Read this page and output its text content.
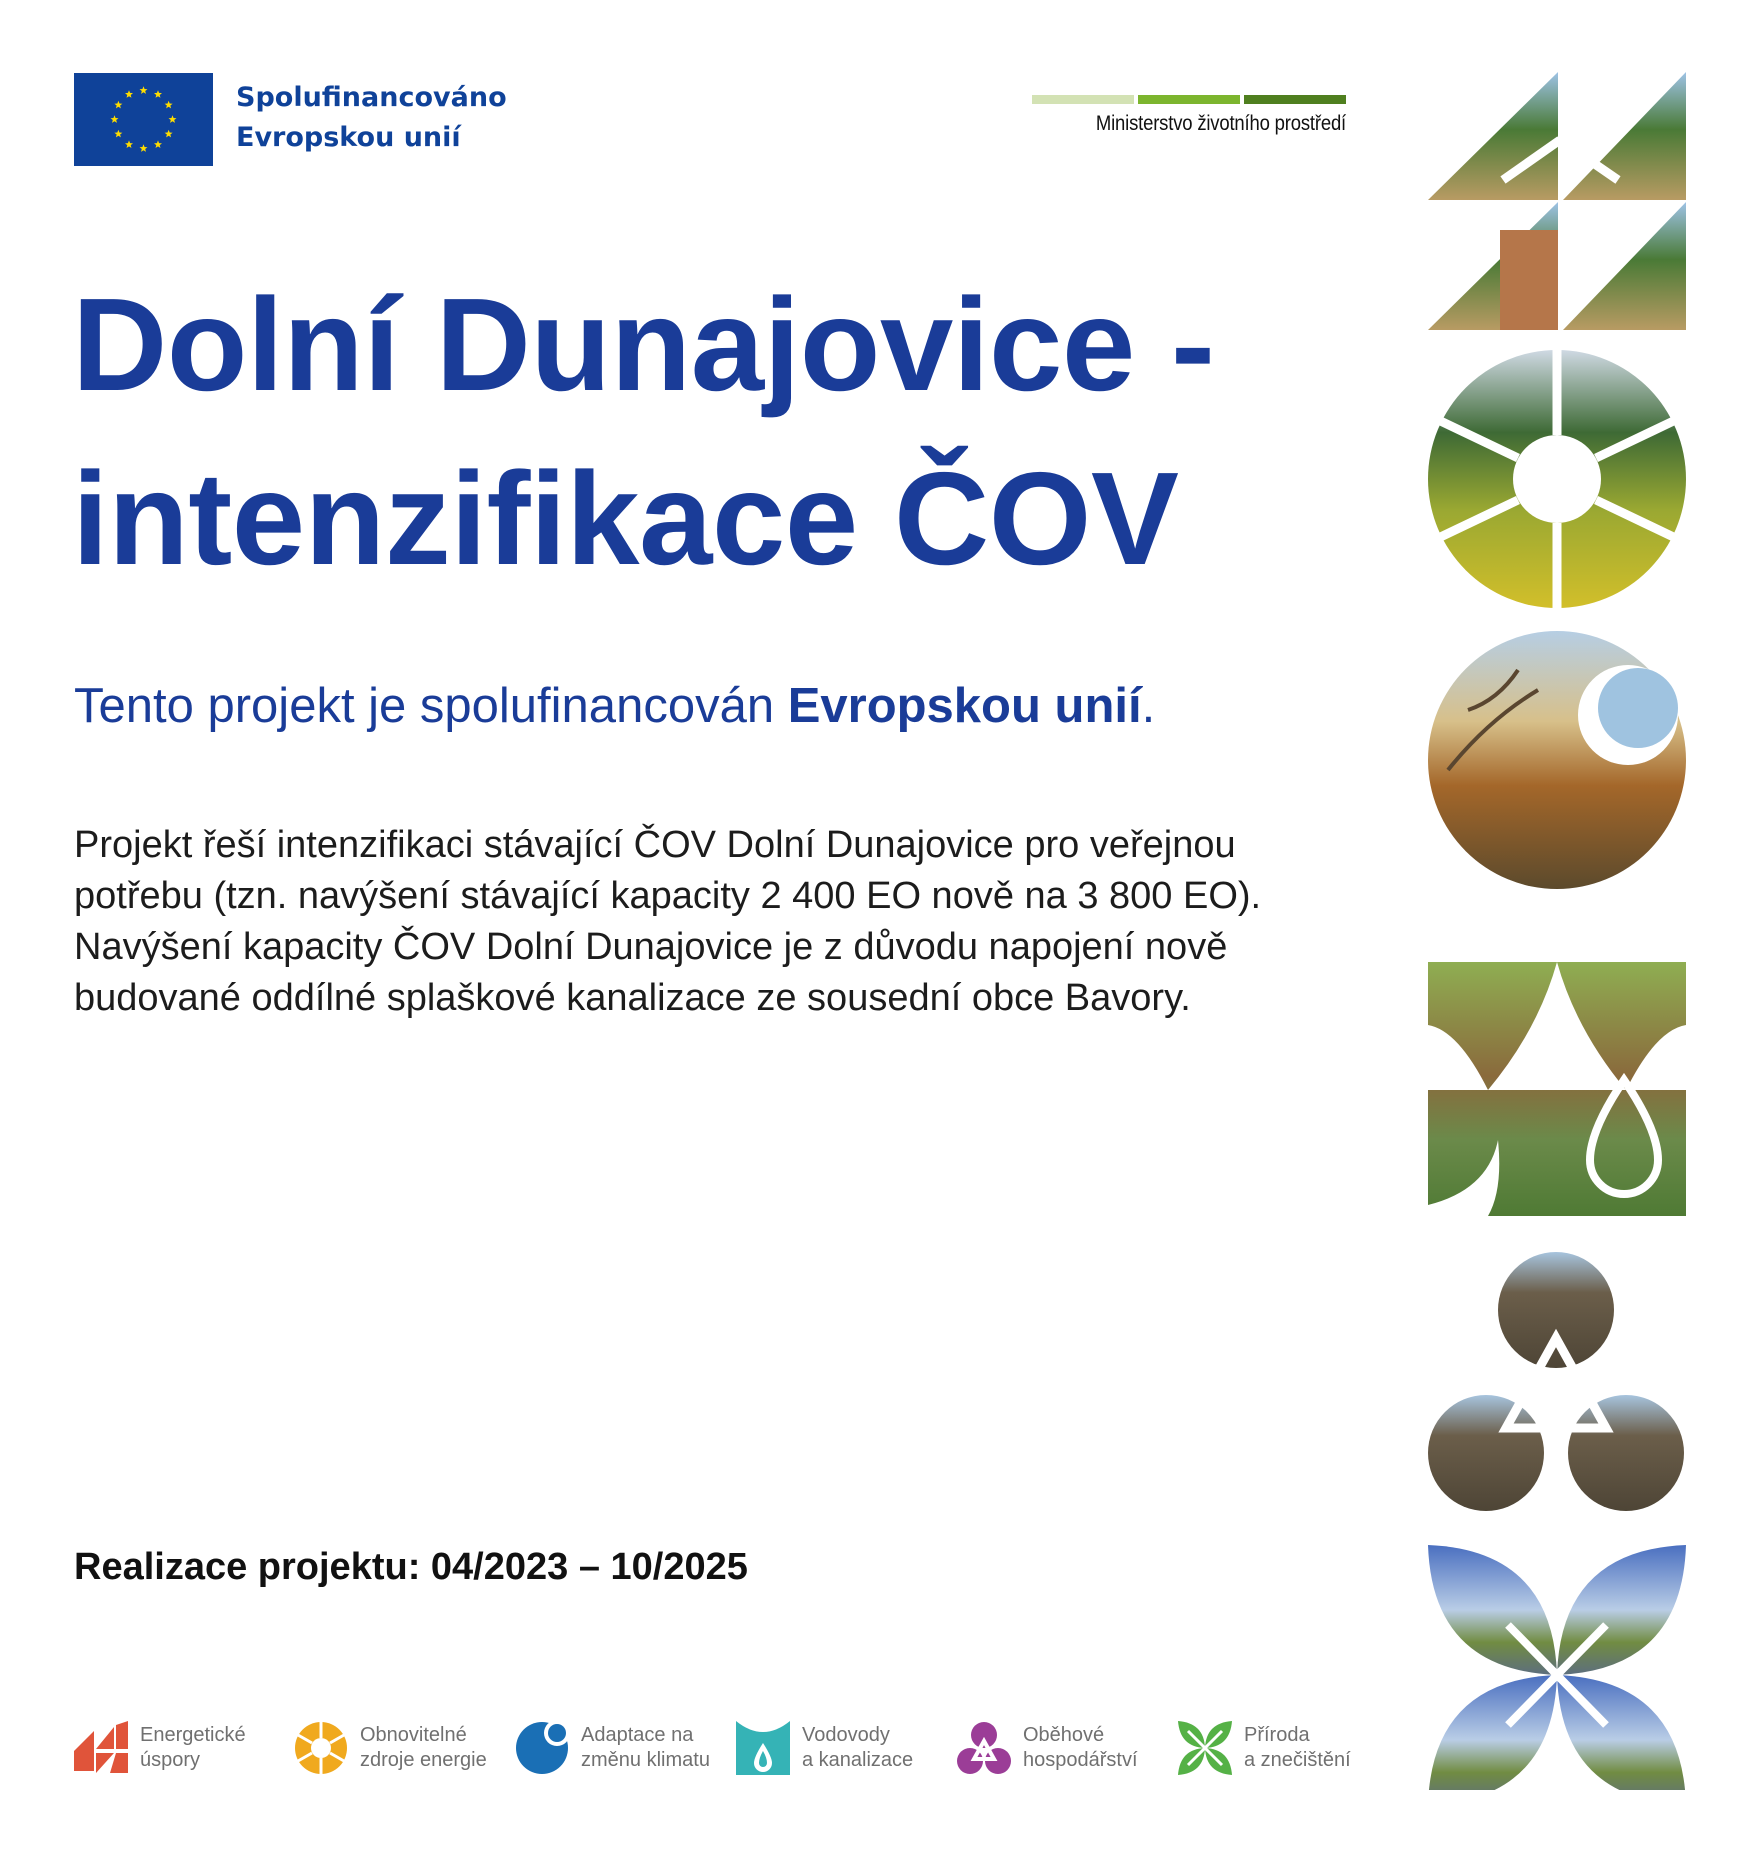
Spolufinancováno
Evropskou unií	Ministerstvo životního prostředí
Dolní Dunajovice - intenzifikace ČOV
Tento projekt je spolufinancován Evropskou unií.
Projekt řeší intenzifikaci stávající ČOV Dolní Dunajovice pro veřejnou potřebu (tzn. navýšení stávající kapacity 2 400 EO nově na 3 800 EO). Navýšení kapacity ČOV Dolní Dunajovice je z důvodu napojení nově budované oddílné splaškové kanalizace ze sousední obce Bavory.
Realizace projektu: 04/2023 – 10/2025
Energetické
úspory
Obnovitelné
zdroje energie
Adaptace na
změnu klimatu
Vodovody
a kanalizace
Oběhové
hospodářství
Příroda
a znečištění
